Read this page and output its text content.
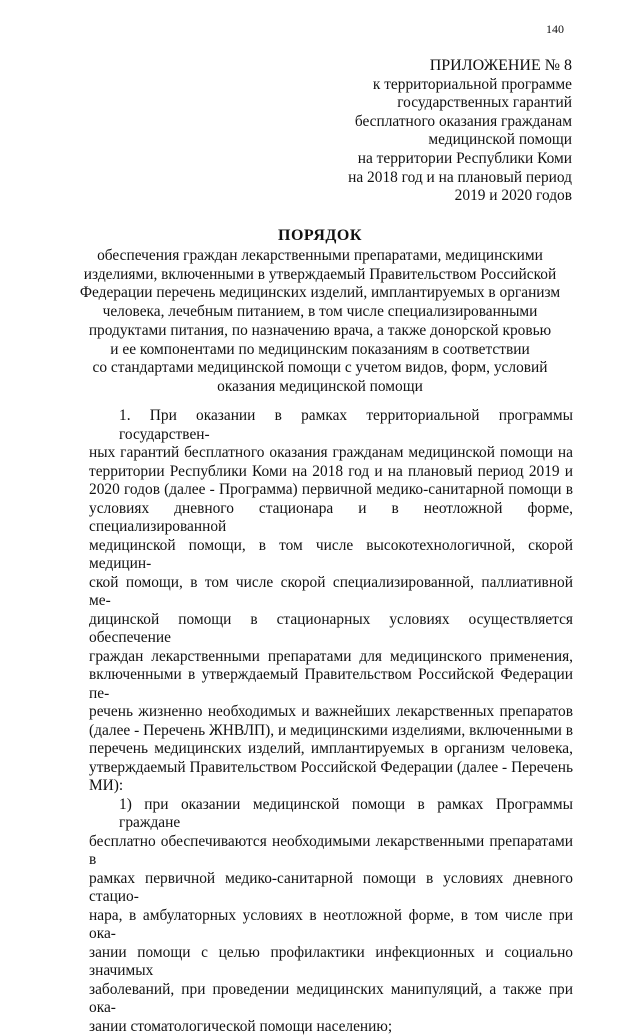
140
ПРИЛОЖЕНИЕ № 8
к территориальной программе
государственных гарантий
бесплатного оказания гражданам
медицинской помощи
на территории Республики Коми
на 2018 год и на плановый период
2019 и 2020 годов
ПОРЯДОК
обеспечения граждан лекарственными препаратами, медицинскими
изделиями, включенными в утверждаемый Правительством Российской
Федерации перечень медицинских изделий, имплантируемых в организм
человека, лечебным питанием, в том числе специализированными
продуктами питания, по назначению врача, а также донорской кровью
и ее компонентами по медицинским показаниям в соответствии
со стандартами медицинской помощи с учетом видов, форм, условий
оказания медицинской помощи
1. При оказании в рамках территориальной программы государствен-
ных гарантий бесплатного оказания гражданам медицинской помощи на
территории Республики Коми на 2018 год и на плановый период 2019 и
2020 годов (далее - Программа) первичной медико-санитарной помощи в
условиях дневного стационара и в неотложной форме, специализированной
медицинской помощи, в том числе высокотехнологичной, скорой медицин-
ской помощи, в том числе скорой специализированной, паллиативной ме-
дицинской помощи в стационарных условиях осуществляется обеспечение
граждан лекарственными препаратами для медицинского применения,
включенными в утверждаемый Правительством Российской Федерации пе-
речень жизненно необходимых и важнейших лекарственных препаратов
(далее - Перечень ЖНВЛП), и медицинскими изделиями, включенными в
перечень медицинских изделий, имплантируемых в организм человека,
утверждаемый Правительством Российской Федерации (далее - Перечень
МИ):
1) при оказании медицинской помощи в рамках Программы граждане
бесплатно обеспечиваются необходимыми лекарственными препаратами в
рамках первичной медико-санитарной помощи в условиях дневного стацио-
нара, в амбулаторных условиях в неотложной форме, в том числе при ока-
зании помощи с целью профилактики инфекционных и социально значимых
заболеваний, при проведении медицинских манипуляций, а также при ока-
зании стоматологической помощи населению;
